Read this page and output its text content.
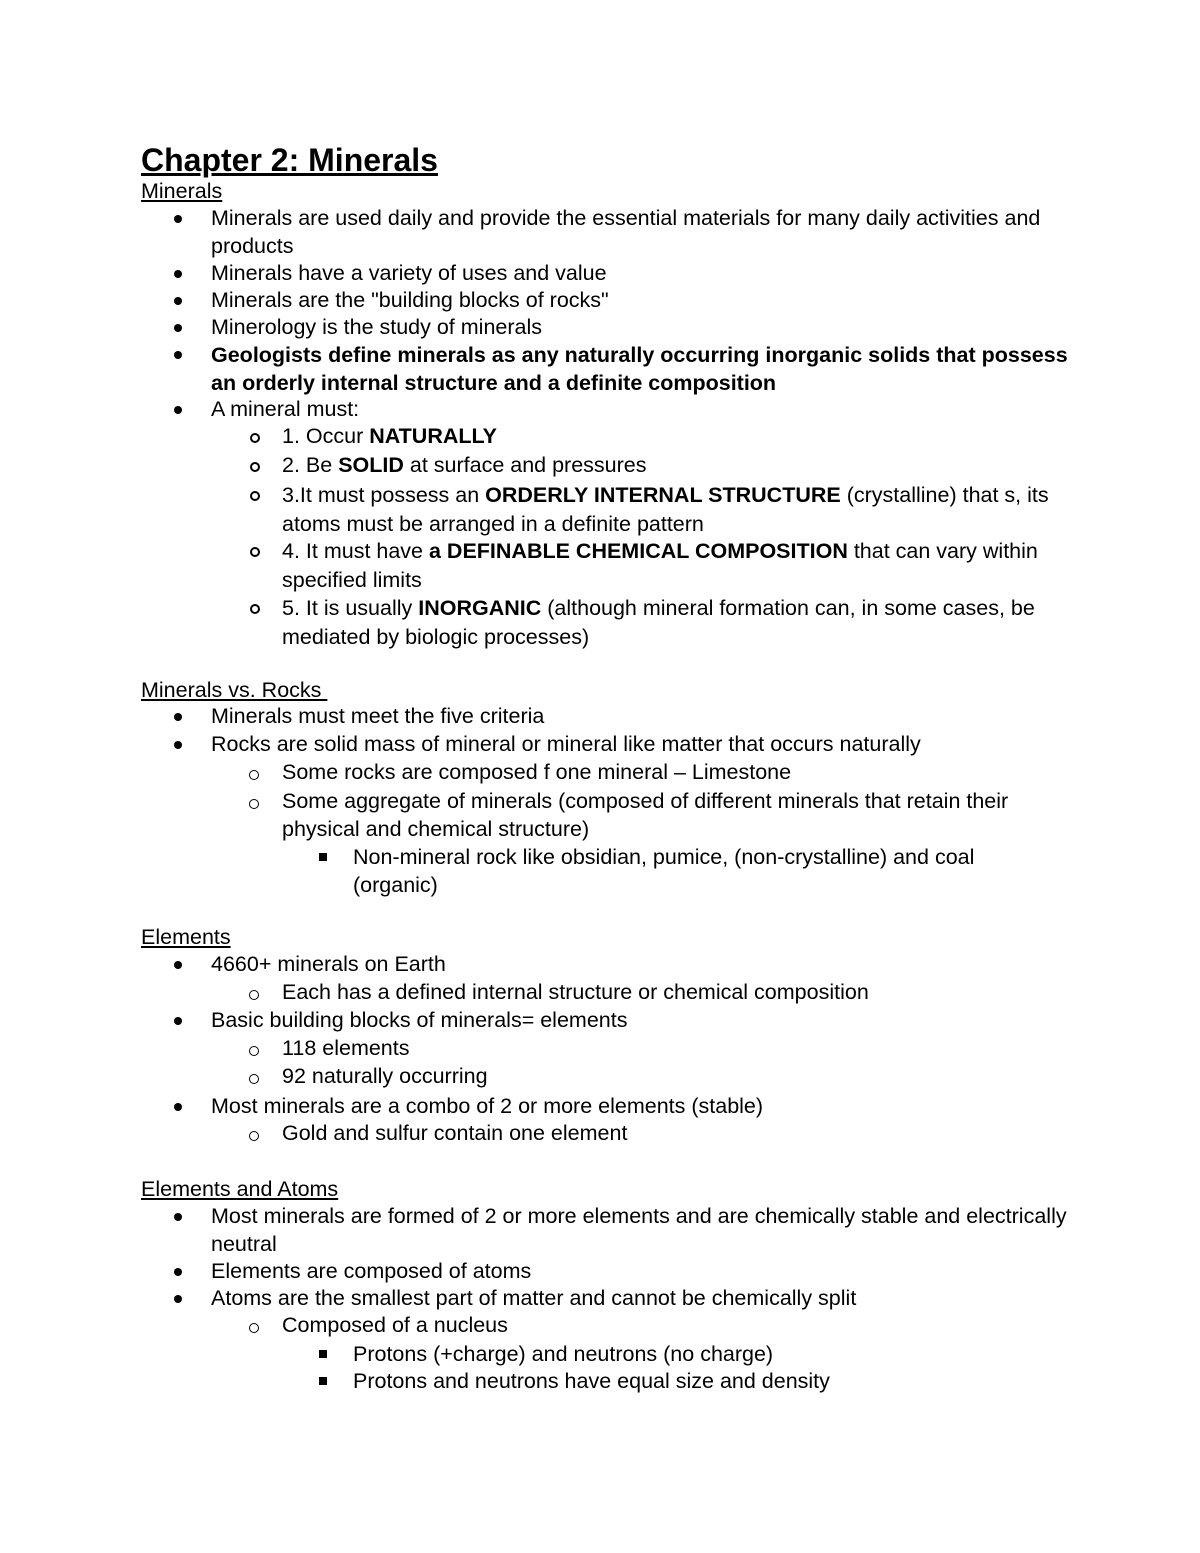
Chapter 2: Minerals
Minerals
Minerals are used daily and provide the essential materials for many daily activities and products
Minerals have a variety of uses and value
Minerals are the "building blocks of rocks"
Minerology is the study of minerals
Geologists define minerals as any naturally occurring inorganic solids that possess an orderly internal structure and a definite composition
A mineral must:
1. Occur NATURALLY
2. Be SOLID at surface and pressures
3.It must possess an ORDERLY INTERNAL STRUCTURE (crystalline) that s, its atoms must be arranged in a definite pattern
4. It must have a DEFINABLE CHEMICAL COMPOSITION that can vary within specified limits
5. It is usually INORGANIC (although mineral formation can, in some cases, be mediated by biologic processes)
Minerals vs. Rocks
Minerals must meet the five criteria
Rocks are solid mass of mineral or mineral like matter that occurs naturally
Some rocks are composed f one mineral – Limestone
Some aggregate of minerals (composed of different minerals that retain their physical and chemical structure)
Non-mineral rock like obsidian, pumice, (non-crystalline) and coal (organic)
Elements
4660+ minerals on Earth
Each has a defined internal structure or chemical composition
Basic building blocks of minerals= elements
118 elements
92 naturally occurring
Most minerals are a combo of 2 or more elements (stable)
Gold and sulfur contain one element
Elements and Atoms
Most minerals are formed of 2 or more elements and are chemically stable and electrically neutral
Elements are composed of atoms
Atoms are the smallest part of matter and cannot be chemically split
Composed of a nucleus
Protons (+charge) and neutrons (no charge)
Protons and neutrons have equal size and density
